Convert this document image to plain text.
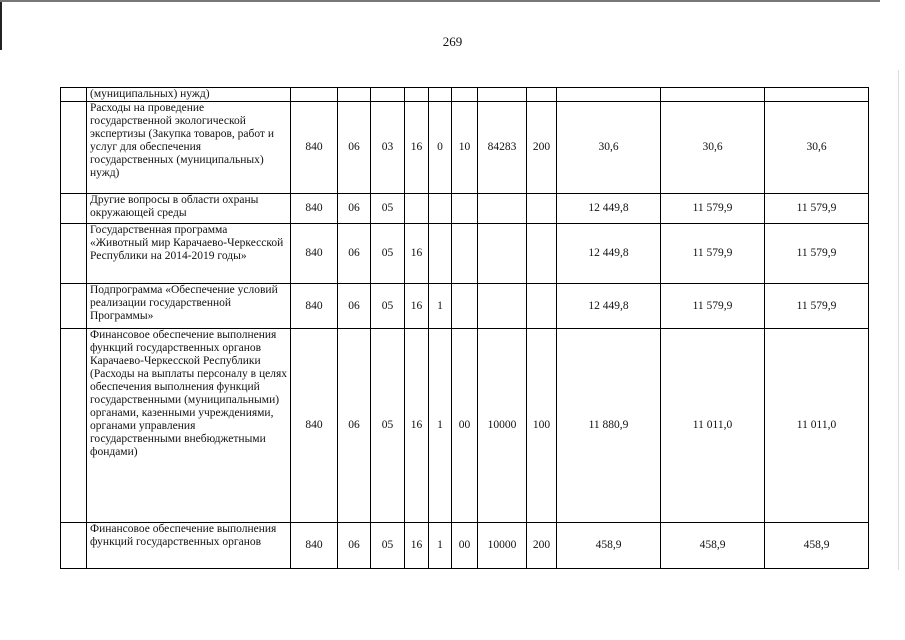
269
	(муниципальных) нужд)											
	Расходы на проведение государственной экологической экспертизы (Закупка товаров, работ и услуг для обеспечения государственных (муниципальных) нужд)	840	06	03	16	0	10	84283	200	30,6	30,6	30,6
	Другие вопросы в области охраны окружающей среды	840	06	05						12 449,8	11 579,9	11 579,9
	Государственная программа «Животный мир Карачаево-Черкесской Республики на 2014-2019 годы»	840	06	05	16					12 449,8	11 579,9	11 579,9
	Подпрограмма «Обеспечение условий реализации государственной Программы»	840	06	05	16	1				12 449,8	11 579,9	11 579,9
	Финансовое обеспечение выполнения функций государственных органов Карачаево-Черкесской Республики (Расходы на выплаты персоналу в целях обеспечения выполнения функций государственными (муниципальными) органами, казенными учреждениями, органами управления государственными внебюджетными фондами)	840	06	05	16	1	00	10000	100	11 880,9	11 011,0	11 011,0
	Финансовое обеспечение выполнения функций государственных органов	840	06	05	16	1	00	10000	200	458,9	458,9	458,9
